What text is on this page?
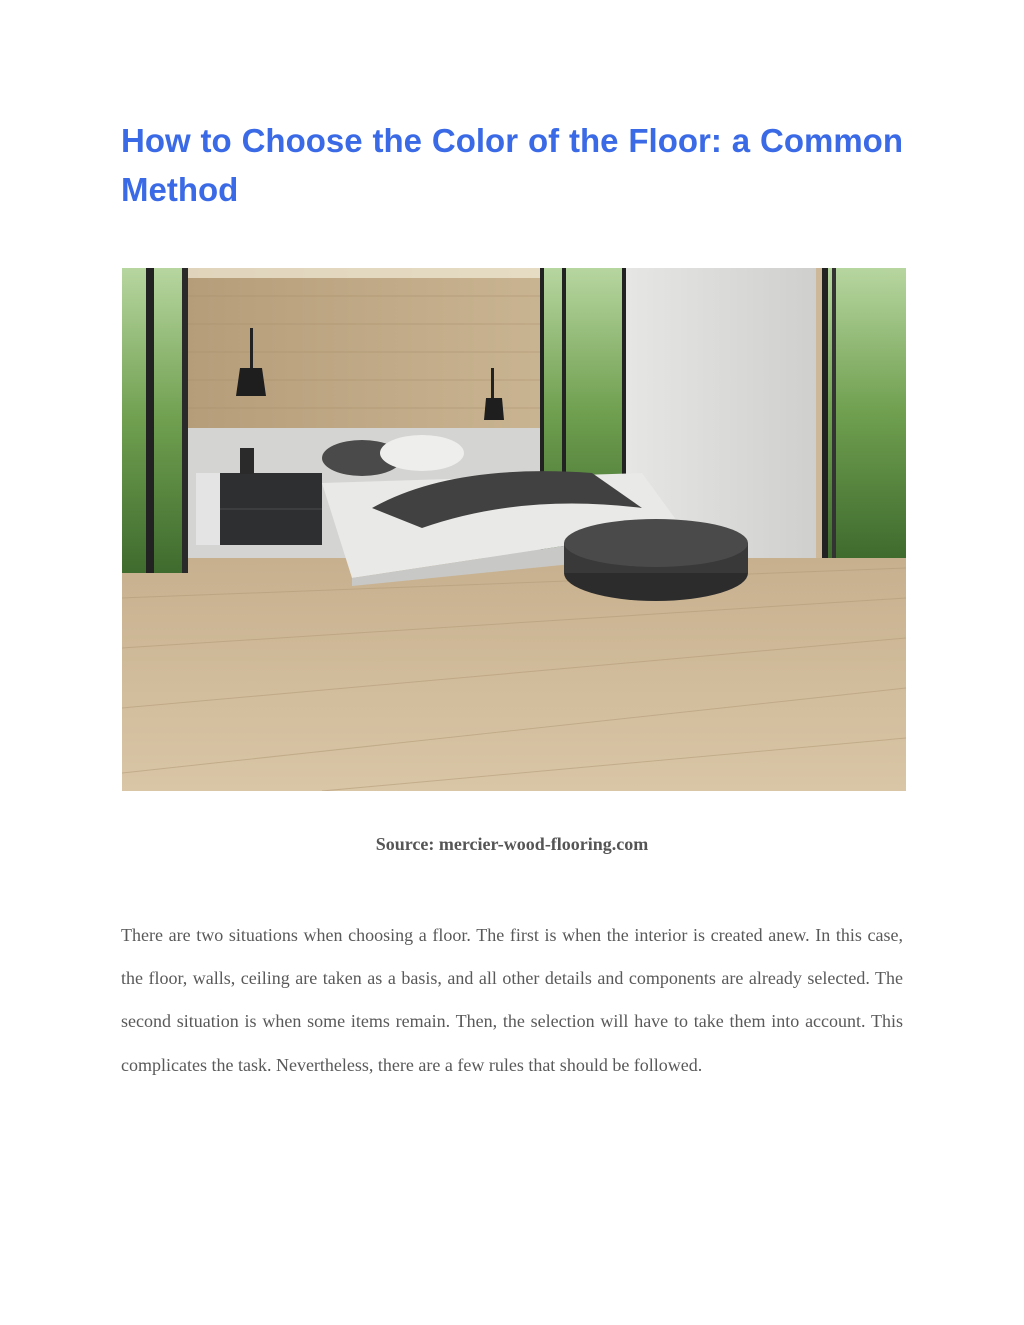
How to Choose the Color of the Floor: a Common Method

Source: mercier-wood-flooring.com

There are two situations when choosing a floor. The first is when the interior is created anew. In this case, the floor, walls, ceiling are taken as a basis, and all other details and components are already selected. The second situation is when some items remain. Then, the selection will have to take them into account. This complicates the task. Nevertheless, there are a few rules that should be followed.
